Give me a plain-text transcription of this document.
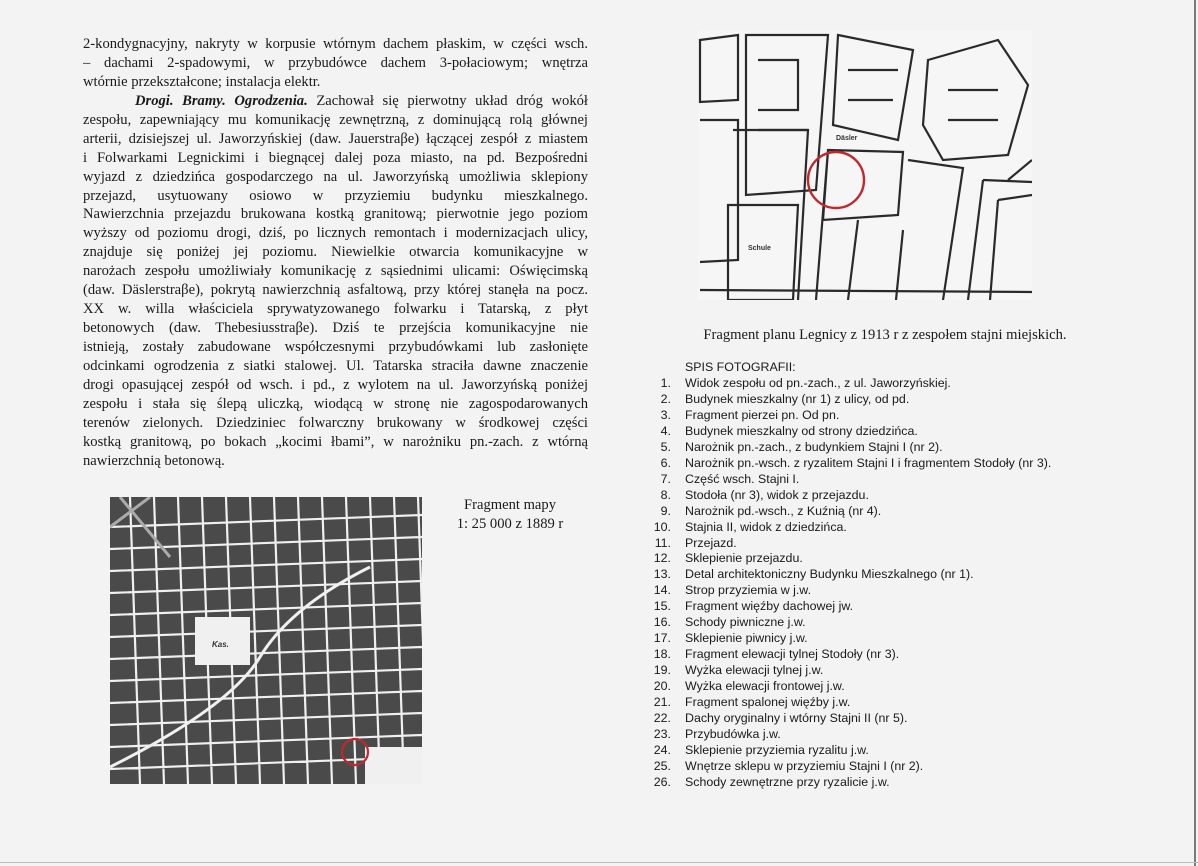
2-kondygnacyjny, nakryty w korpusie wtórnym dachem płaskim, w części wsch.
– dachami 2-spadowymi, w przybudówce dachem 3-połaciowym; wnętrza
wtórnie przekształcone; instalacja elektr.
Drogi. Bramy. Ogrodzenia. Zachował się pierwotny układ dróg wokół
zespołu, zapewniający mu komunikację zewnętrzną, z dominującą rolą głównej
arterii, dzisiejszej ul. Jaworzyńskiej (daw. Jauerstraβe) łączącej zespół z miastem
i Folwarkami Legnickimi i biegnącej dalej poza miasto, na pd. Bezpośredni
wyjazd z dziedzińca gospodarczego na ul. Jaworzyńską umożliwia sklepiony
przejazd, usytuowany osiowo w przyziemiu budynku mieszkalnego.
Nawierzchnia przejazdu brukowana kostką granitową; pierwotnie jego poziom
wyższy od poziomu drogi, dziś, po licznych remontach i modernizacjach ulicy,
znajduje się poniżej jej poziomu. Niewielkie otwarcia komunikacyjne w
narożach zespołu umożliwiały komunikację z sąsiednimi ulicami: Oświęcimską
(daw. Däslerstraβe), pokrytą nawierzchnią asfaltową, przy której stanęła na pocz.
XX w. willa właściciela sprywatyzowanego folwarku i Tatarską, z płyt
betonowych (daw. Thebesiusstraβe). Dziś te przejścia komunikacyjne nie
istnieją, zostały zabudowane współczesnymi przybudówkami lub zasłonięte
odcinkami ogrodzenia z siatki stalowej. Ul. Tatarska straciła dawne znaczenie
drogi opasującej zespół od wsch. i pd., z wylotem na ul. Jaworzyńską poniżej
zespołu i stała się ślepą uliczką, wiodącą w stronę nie zagospodarowanych
terenów zielonych. Dziedziniec folwarczny brukowany w środkowej części
kostką granitową, po bokach „kocimi łbami”, w narożniku pn.-zach. z wtórną
nawierzchnią betonową.
Kas.
Fragment mapy
1: 25 000 z 1889 r
Schule
Däsler
Fragment planu Legnicy z 1913 r z zespołem stajni miejskich.
SPIS FOTOGRAFII:
1.	Widok zespołu od pn.-zach., z ul. Jaworzyńskiej.
2.	Budynek mieszkalny (nr 1) z ulicy, od pd.
3.	Fragment pierzei pn. Od pn.
4.	Budynek mieszkalny od strony dziedzińca.
5.	Narożnik pn.-zach., z budynkiem Stajni I (nr 2).
6.	Narożnik pn.-wsch. z ryzalitem Stajni I i fragmentem Stodoły (nr 3).
7.	Część wsch. Stajni I.
8.	Stodoła (nr 3), widok z przejazdu.
9.	Narożnik pd.-wsch., z Kuźnią (nr 4).
10.	Stajnia II, widok z dziedzińca.
11.	Przejazd.
12.	Sklepienie przejazdu.
13.	Detal architektoniczny Budynku Mieszkalnego (nr 1).
14.	Strop przyziemia w j.w.
15.	Fragment więźby dachowej jw.
16.	Schody piwniczne j.w.
17.	Sklepienie piwnicy j.w.
18.	Fragment elewacji tylnej Stodoły (nr 3).
19.	Wyżka elewacji tylnej j.w.
20.	Wyżka elewacji frontowej j.w.
21.	Fragment spalonej więźby j.w.
22.	Dachy oryginalny i wtórny Stajni II (nr 5).
23.	Przybudówka j.w.
24.	Sklepienie przyziemia ryzalitu j.w.
25.	Wnętrze sklepu w przyziemiu Stajni I (nr 2).
26.	Schody zewnętrzne przy ryzalicie j.w.
